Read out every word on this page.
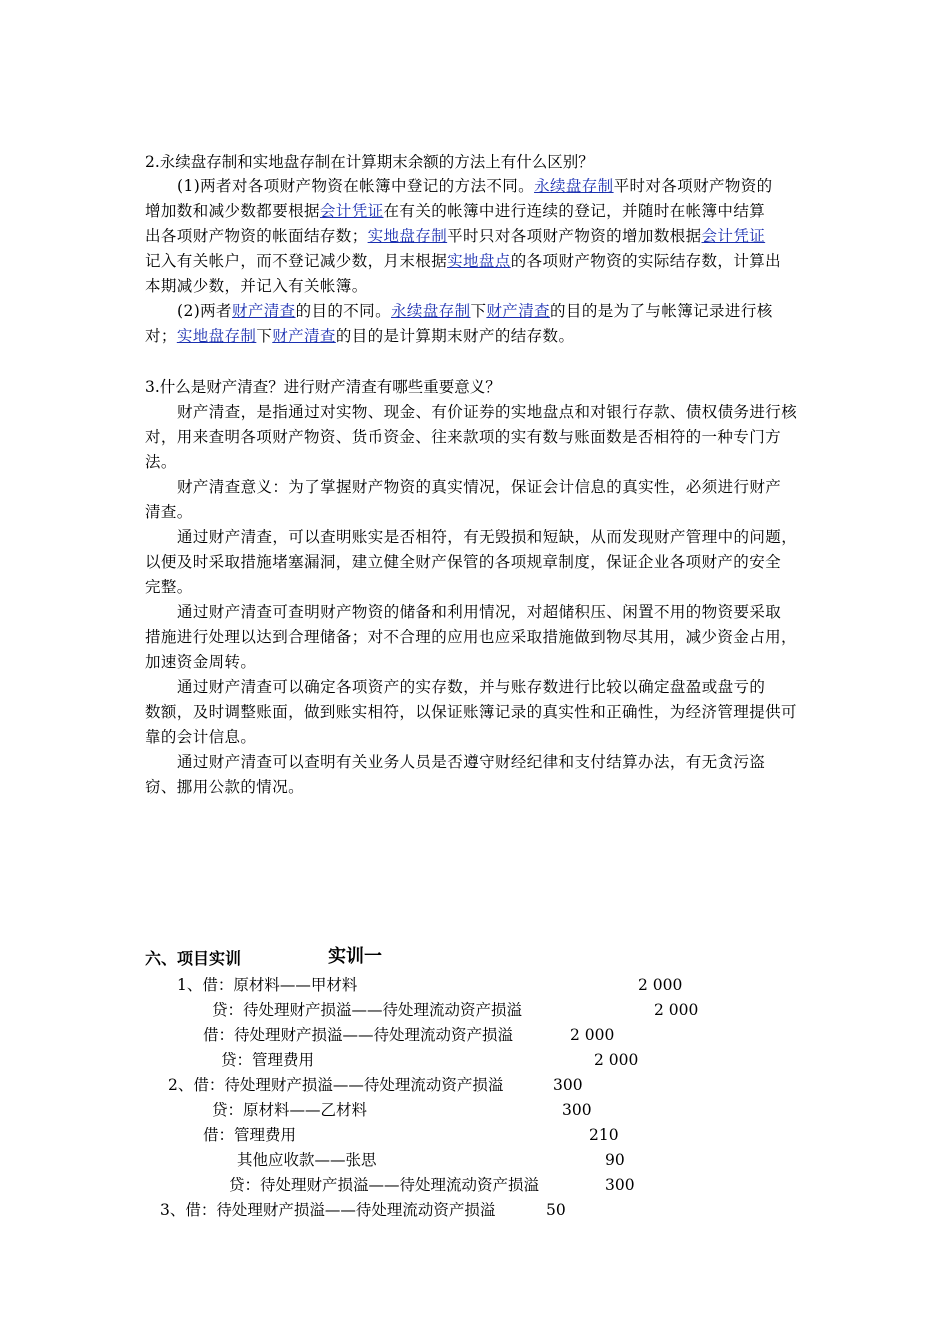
2.永续盘存制和实地盘存制在计算期末余额的方法上有什么区别？
(1)两者对各项财产物资在帐簿中登记的方法不同。永续盘存制平时对各项财产物资的
增加数和减少数都要根据会计凭证在有关的帐簿中进行连续的登记，并随时在帐簿中结算
出各项财产物资的帐面结存数；实地盘存制平时只对各项财产物资的增加数根据会计凭证
记入有关帐户，而不登记减少数，月末根据实地盘点的各项财产物资的实际结存数，计算出
本期减少数，并记入有关帐簿。
(2)两者财产清查的目的不同。永续盘存制下财产清查的目的是为了与帐簿记录进行核
对；实地盘存制下财产清查的目的是计算期末财产的结存数。
3.什么是财产清查？进行财产清查有哪些重要意义？
财产清查，是指通过对实物、现金、有价证券的实地盘点和对银行存款、债权债务进行核
对，用来查明各项财产物资、货币资金、往来款项的实有数与账面数是否相符的一种专门方
法。
财产清查意义：为了掌握财产物资的真实情况，保证会计信息的真实性，必须进行财产
清查。
通过财产清查，可以查明账实是否相符，有无毁损和短缺，从而发现财产管理中的问题，
以便及时采取措施堵塞漏洞，建立健全财产保管的各项规章制度，保证企业各项财产的安全
完整。
通过财产清查可查明财产物资的储备和利用情况，对超储积压、闲置不用的物资要采取
措施进行处理以达到合理储备；对不合理的应用也应采取措施做到物尽其用，减少资金占用，
加速资金周转。
通过财产清查可以确定各项资产的实存数，并与账存数进行比较以确定盘盈或盘亏的
数额，及时调整账面，做到账实相符，以保证账簿记录的真实性和正确性，为经济管理提供可
靠的会计信息。
通过财产清查可以查明有关业务人员是否遵守财经纪律和支付结算办法，有无贪污盗
窃、挪用公款的情况。
六、项目实训	实训一
1、借：原材料——甲材料	2 000
贷：待处理财产损溢——待处理流动资产损溢	2 000
借：待处理财产损溢——待处理流动资产损溢	2 000
贷：管理费用	2 000
2、借：待处理财产损溢——待处理流动资产损溢	300
贷：原材料——乙材料	300
借：管理费用	210
其他应收款——张思	90
贷：待处理财产损溢——待处理流动资产损溢	300
3、借：待处理财产损溢——待处理流动资产损溢	50
